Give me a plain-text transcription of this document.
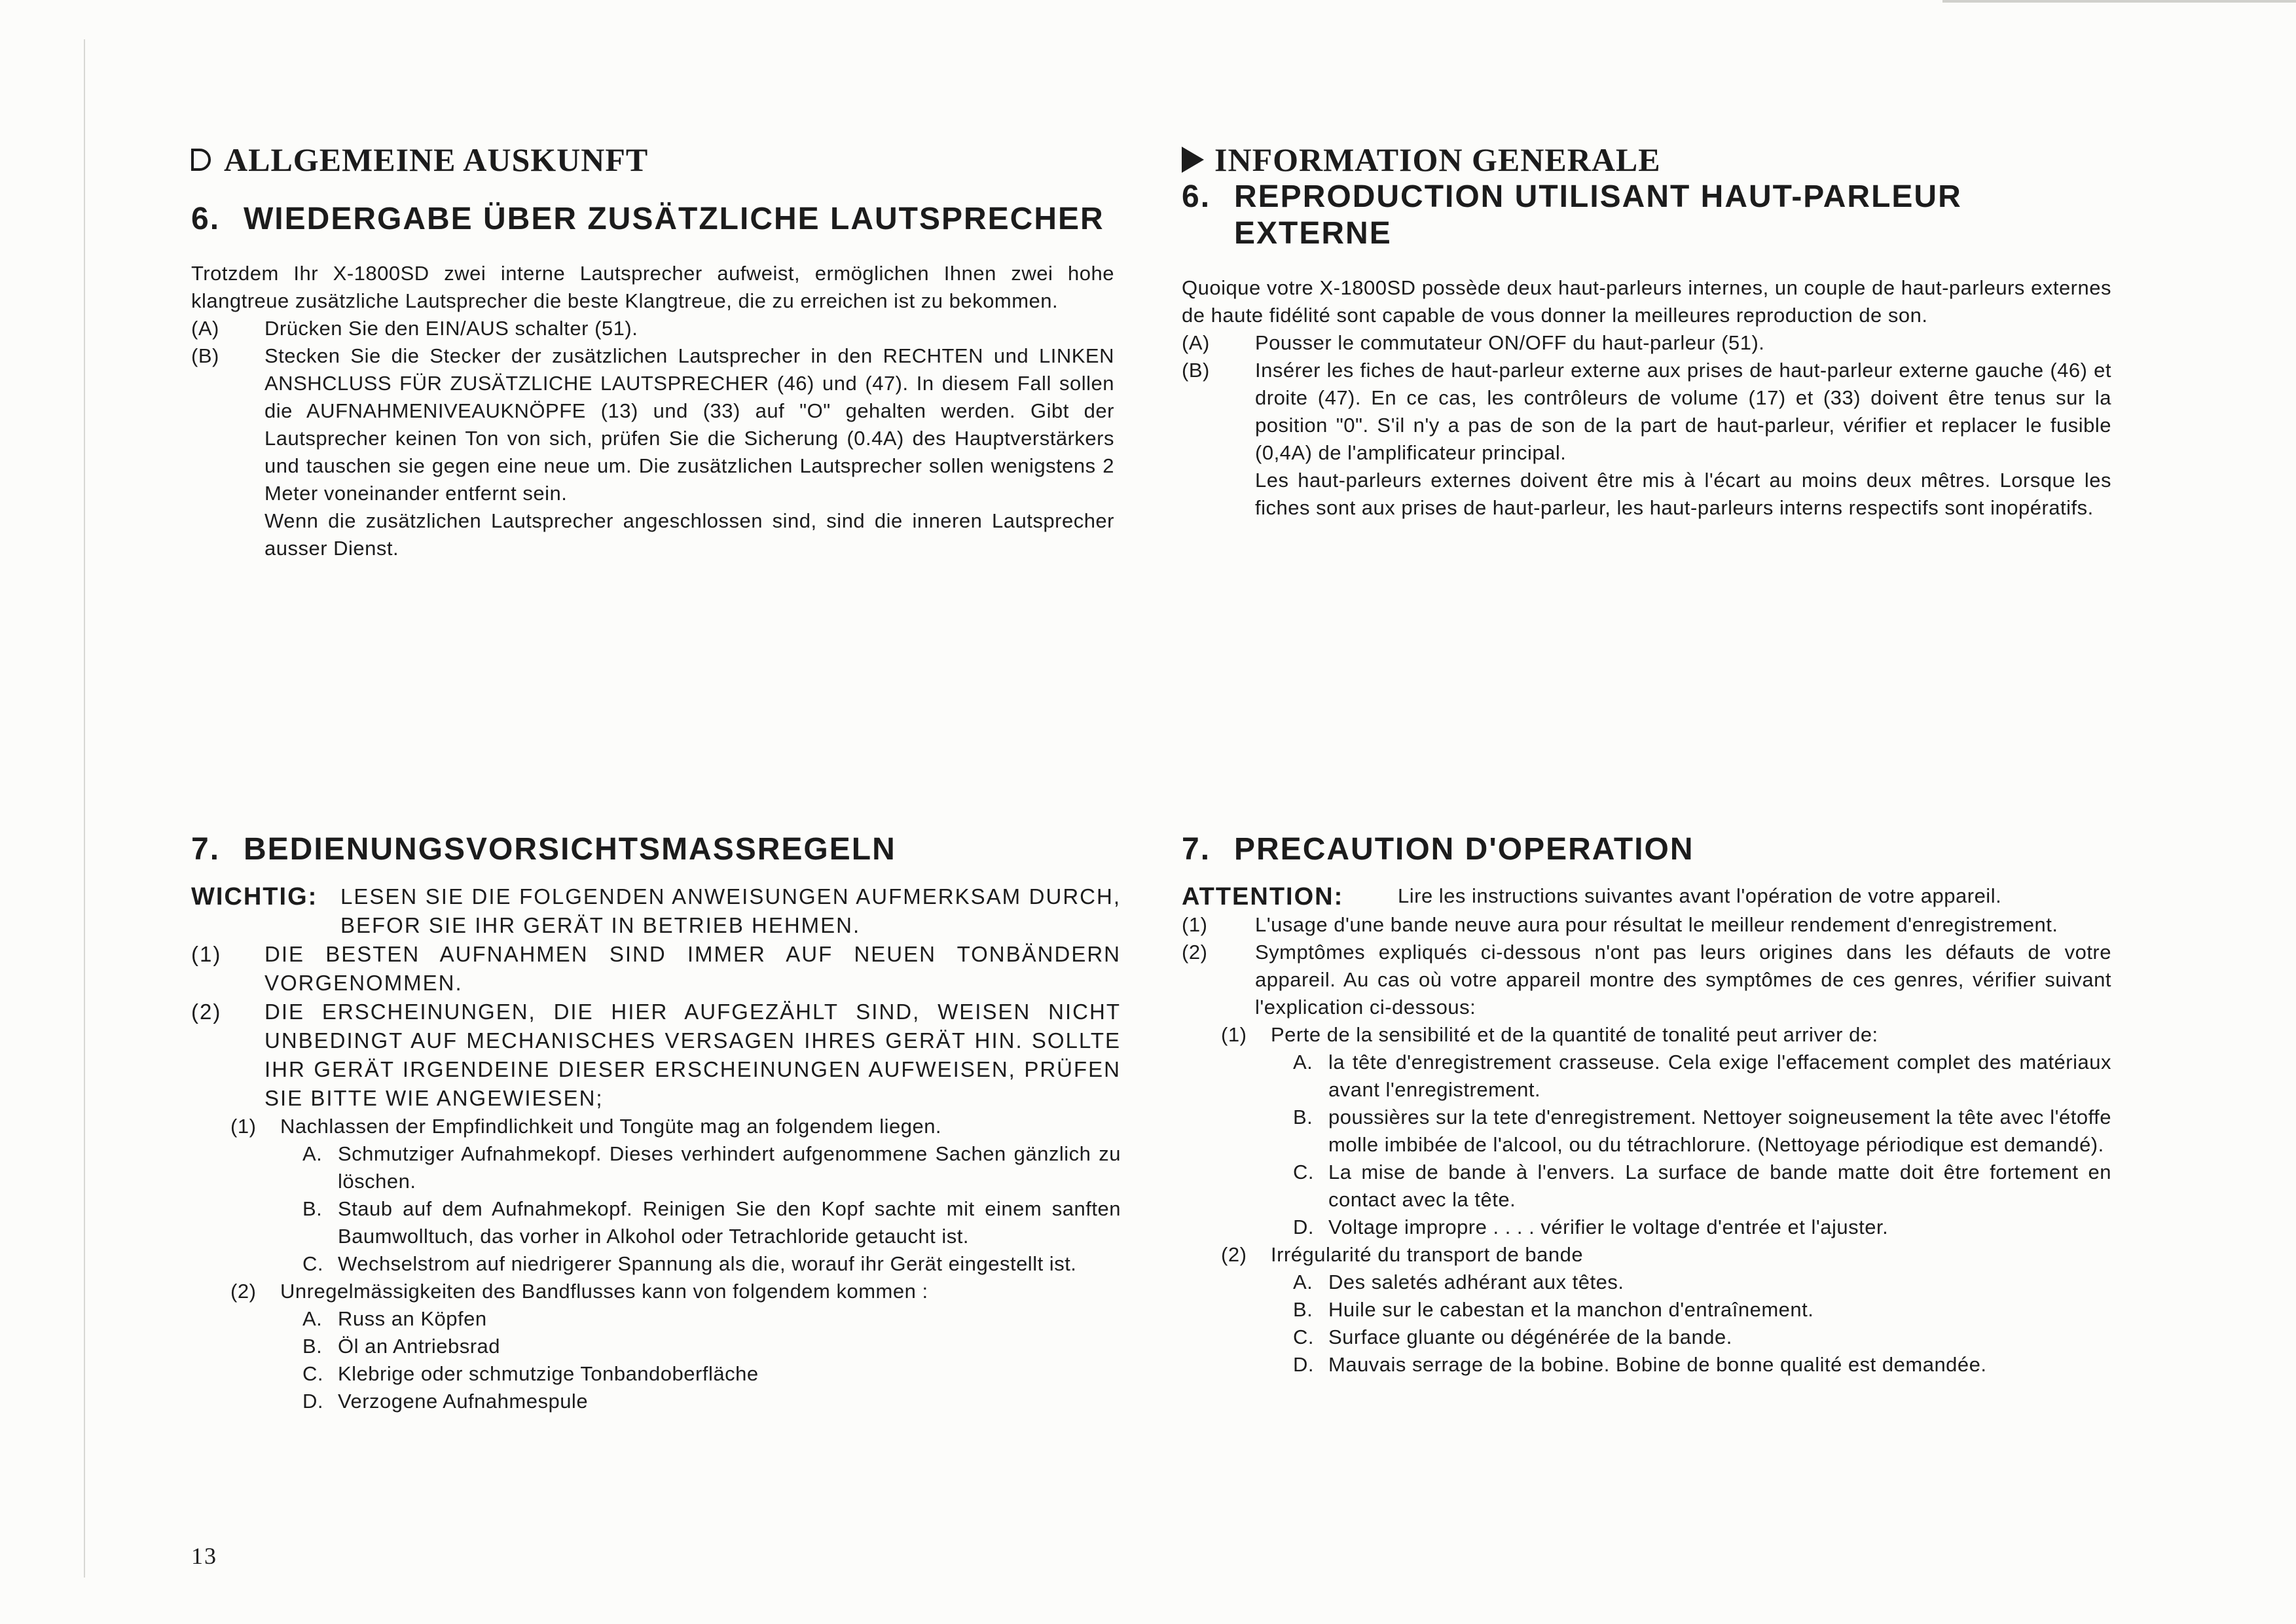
ALLGEMEINE AUSKUNFT
6. WIEDERGABE ÜBER ZUSÄTZLICHE LAUTSPRECHER

Trotzdem Ihr X-1800SD zwei interne Lautsprecher aufweist, ermöglichen Ihnen zwei hohe klangtreue zusätzliche Lautsprecher die beste Klangtreue, die zu erreichen ist zu bekommen.

(A)	Drücken Sie den EIN/AUS schalter (51).
(B)	Stecken Sie die Stecker der zusätzlichen Lautsprecher in den RECHTEN und LINKEN ANSHCLUSS FÜR ZUSÄTZLICHE LAUTSPRECHER (46) und (47). In diesem Fall sollen die AUFNAHMENIVEAUKNÖPFE (13) und (33) auf "O" gehalten werden. Gibt der Lautsprecher keinen Ton von sich, prüfen Sie die Sicherung (0.4A) des Hauptverstärkers und tauschen sie gegen eine neue um. Die zusätzlichen Lautsprecher sollen wenigstens 2 Meter voneinander entfernt sein.
Wenn die zusätzlichen Lautsprecher angeschlossen sind, sind die inneren Lautsprecher ausser Dienst.
INFORMATION GENERALE
6. REPRODUCTION UTILISANT HAUT-PARLEUR
EXTERNE

Quoique votre X-1800SD possède deux haut-parleurs internes, un couple de haut-parleurs externes de haute fidélité sont capable de vous donner la meilleures reproduction de son.

(A)	Pousser le commutateur ON/OFF du haut-parleur (51).
(B)	Insérer les fiches de haut-parleur externe aux prises de haut-parleur externe gauche (46) et droite (47). En ce cas, les contrôleurs de volume (17) et (33) doivent être tenus sur la position "0". S'il n'y a pas de son de la part de haut-parleur, vérifier et replacer le fusible (0,4A) de l'amplificateur principal.
Les haut-parleurs externes doivent être mis à l'écart au moins deux mêtres. Lorsque les fiches sont aux prises de haut-parleur, les haut-parleurs interns respectifs sont inopératifs.
7. BEDIENUNGSVORSICHTSMASSREGELN
WICHTIG:	LESEN SIE DIE FOLGENDEN ANWEISUNGEN AUFMERKSAM DURCH, BEFOR SIE IHR GERÄT IN BETRIEB HEHMEN.
(1)	DIE BESTEN AUFNAHMEN SIND IMMER AUF NEUEN TONBÄNDERN VORGENOMMEN.
(2)	DIE ERSCHEINUNGEN, DIE HIER AUFGEZÄHLT SIND, WEISEN NICHT UNBEDINGT AUF MECHANISCHES VERSAGEN IHRES GERÄT HIN. SOLLTE IHR GERÄT IRGENDEINE DIESER ERSCHEINUNGEN AUFWEISEN, PRÜFEN SIE BITTE WIE ANGEWIESEN;
(1)	Nachlassen der Empfindlichkeit und Tongüte mag an folgendem liegen.
A. Schmutziger Aufnahmekopf. Dieses verhindert aufgenommene Sachen gänzlich zu löschen.
B. Staub auf dem Aufnahmekopf. Reinigen Sie den Kopf sachte mit einem sanften Baumwolltuch, das vorher in Alkohol oder Tetrachloride getaucht ist.
C. Wechselstrom auf niedrigerer Spannung als die, worauf ihr Gerät eingestellt ist.
(2)	Unregelmässigkeiten des Bandflusses kann von folgendem kommen :
A. Russ an Köpfen
B. Öl an Antriebsrad
C. Klebrige oder schmutzige Tonbandoberfläche
D. Verzogene Aufnahmespule
7. PRECAUTION D'OPERATION
ATTENTION:	Lire les instructions suivantes avant l'opération de votre appareil.
(1)	L'usage d'une bande neuve aura pour résultat le meilleur rendement d'enregistrement.
(2)	Symptômes expliqués ci-dessous n'ont pas leurs origines dans les défauts de votre appareil. Au cas où votre appareil montre des symptômes de ces genres, vérifier suivant l'explication ci-dessous:
(1)	Perte de la sensibilité et de la quantité de tonalité peut arriver de:
A. la tête d'enregistrement crasseuse. Cela exige l'effacement complet des matériaux avant l'enregistrement.
B. poussières sur la tete d'enregistrement. Nettoyer soigneusement la tête avec l'étoffe molle imbibée de l'alcool, ou du tétrachlorure. (Nettoyage périodique est demandé).
C. La mise de bande à l'envers. La surface de bande matte doit être fortement en contact avec la tête.
D. Voltage impropre . . . . vérifier le voltage d'entrée et l'ajuster.
(2)	Irrégularité du transport de bande
A. Des saletés adhérant aux têtes.
B. Huile sur le cabestan et la manchon d'entraînement.
C. Surface gluante ou dégénérée de la bande.
D. Mauvais serrage de la bobine. Bobine de bonne qualité est demandée.
13
